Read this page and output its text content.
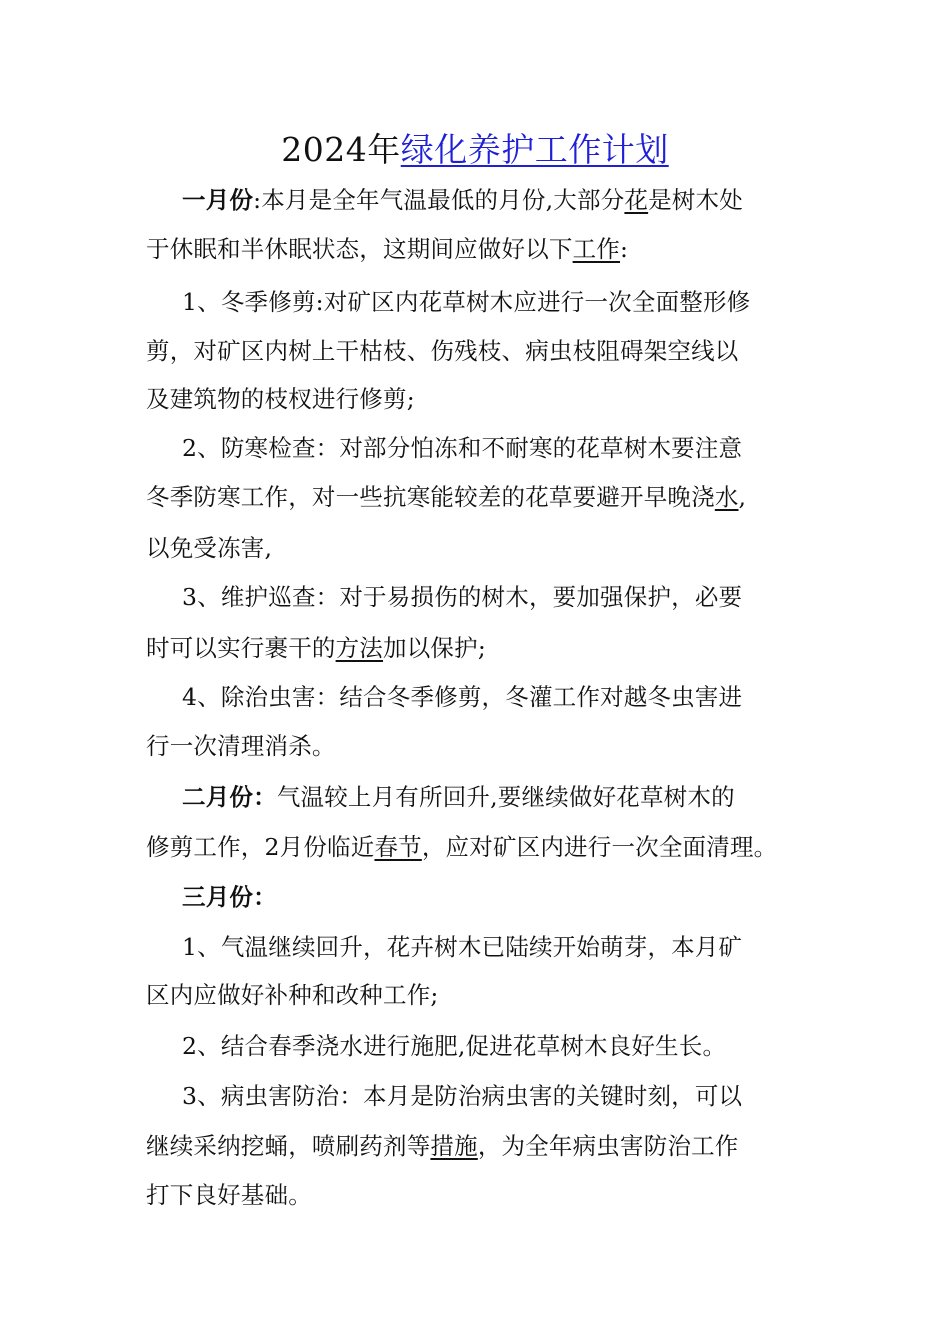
2024年绿化养护工作计划
一月份:本月是全年气温最低的月份,大部分花是树木处
于休眠和半休眠状态，这期间应做好以下工作:
1、冬季修剪:对矿区内花草树木应进行一次全面整形修
剪，对矿区内树上干枯枝、伤残枝、病虫枝阻碍架空线以
及建筑物的枝杈进行修剪;
2、防寒检查：对部分怕冻和不耐寒的花草树木要注意
冬季防寒工作，对一些抗寒能较差的花草要避开早晚浇水,
以免受冻害,
3、维护巡查：对于易损伤的树木，要加强保护，必要
时可以实行裹干的方法加以保护;
4、除治虫害：结合冬季修剪，冬灌工作对越冬虫害进
行一次清理消杀。
二月份：气温较上月有所回升,要继续做好花草树木的
修剪工作，2月份临近春节，应对矿区内进行一次全面清理。
三月份：
1、气温继续回升，花卉树木已陆续开始萌芽，本月矿
区内应做好补种和改种工作;
2、结合春季浇水进行施肥,促进花草树木良好生长。
3、病虫害防治：本月是防治病虫害的关键时刻，可以
继续采纳挖蛹，喷刷药剂等措施，为全年病虫害防治工作
打下良好基础。
